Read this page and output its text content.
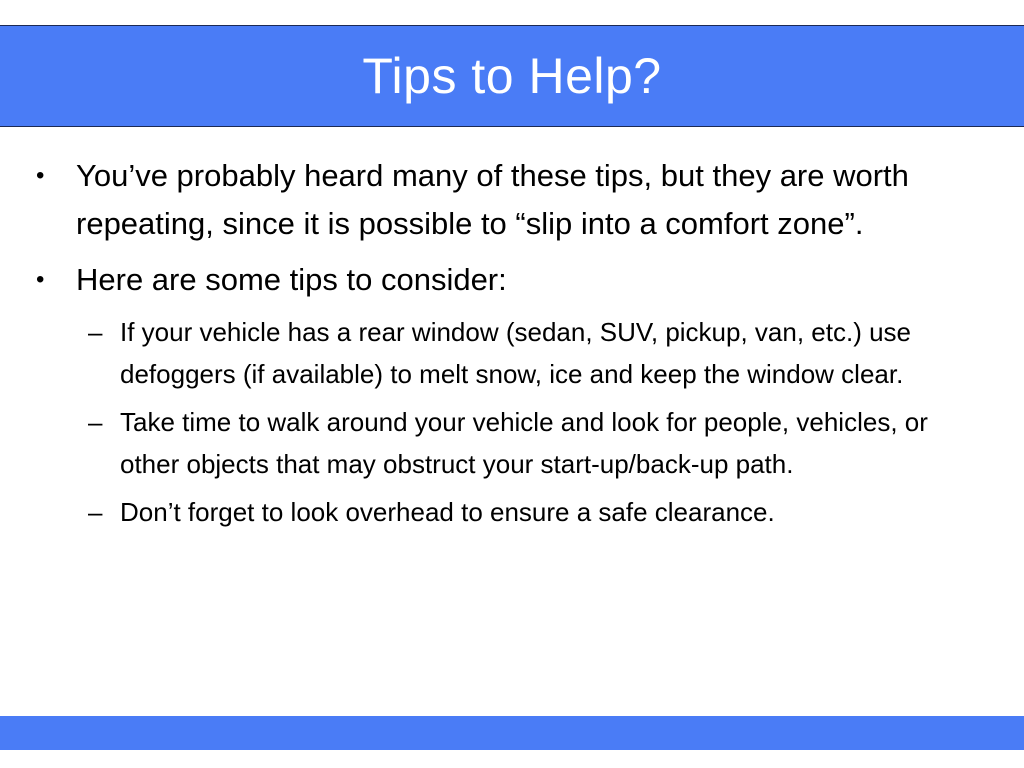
Tips to Help?
•	You’ve probably heard many of these tips, but they are worth repeating, since it is possible to “slip into a comfort zone”.
•	Here are some tips to consider:
– If your vehicle has a rear window (sedan, SUV, pickup, van, etc.) use defoggers (if available) to melt snow, ice and keep the window clear.
– Take time to walk around your vehicle and look for people, vehicles, or other objects that may obstruct your start-up/back-up path.
– Don’t forget to look overhead to ensure a safe clearance.
